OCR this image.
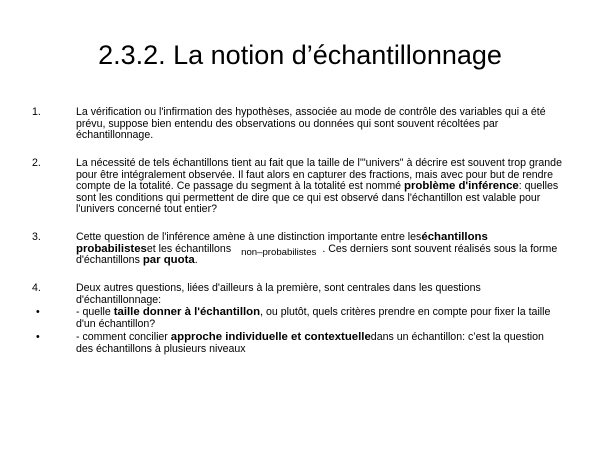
2.3.2. La notion d’échantillonnage
1.	La vérification ou l'infirmation des hypothèses, associée au mode de contrôle des variables qui a été prévu, suppose bien entendu des observations ou données qui sont souvent récoltées par échantillonnage.
2.	La nécessité de tels échantillons tient au fait que la taille de l'"univers" à décrire est souvent trop grande pour être intégralement observée. Il faut alors en capturer des fractions, mais avec pour but de rendre compte de la totalité. Ce passage du segment à la totalité est nommé problème d'inférence: quelles sont les conditions qui permettent de dire que ce qui est observé dans l'échantillon est valable pour l'univers concerné tout entier?
3.	Cette question de l'inférence amène à une distinction importante entre leséchantillons probabilisteset les échantillons non–probabilistes . Ces derniers sont souvent réalisés sous la forme d'échantillons par quota.
4.	Deux autres questions, liées d'ailleurs à la première, sont centrales dans les questions d'échantillonnage:
•	- quelle taille donner à l'échantillon, ou plutôt, quels critères prendre en compte pour fixer la taille d'un échantillon?
•	- comment concilier approche individuelle et contextuelledans un échantillon: c’est la question des échantillons à plusieurs niveaux
